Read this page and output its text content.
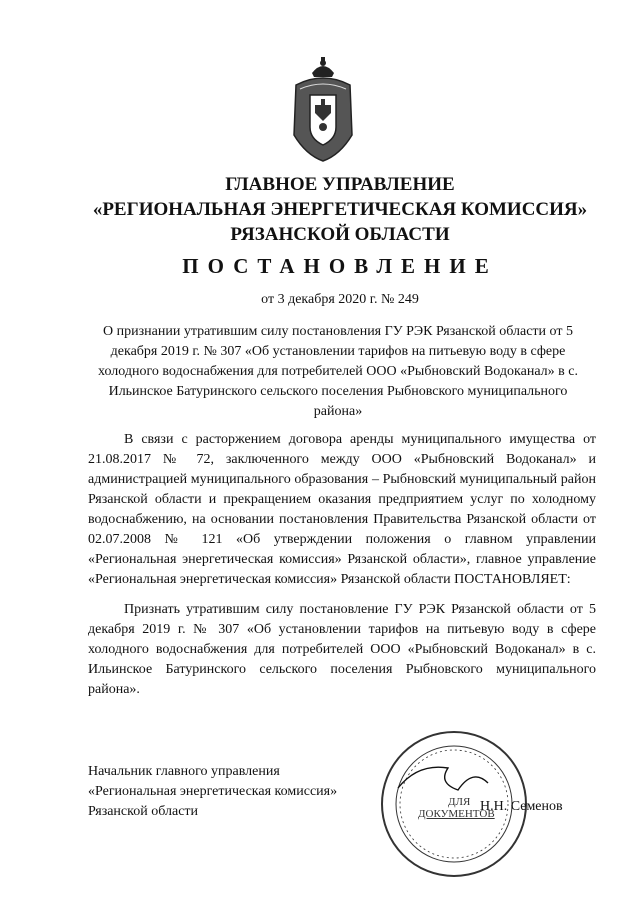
ГЛАВНОЕ УПРАВЛЕНИЕ
«РЕГИОНАЛЬНАЯ ЭНЕРГЕТИЧЕСКАЯ КОМИССИЯ»
РЯЗАНСКОЙ ОБЛАСТИ
ПОСТАНОВЛЕНИЕ
от 3 декабря 2020 г. № 249
О признании утратившим силу постановления ГУ РЭК Рязанской области от 5 декабря 2019 г. № 307 «Об установлении тарифов на питьевую воду в сфере холодного водоснабжения для потребителей ООО «Рыбновский Водоканал» в с. Ильинское Батуринского сельского поселения Рыбновского муниципального района»
В связи с расторжением договора аренды муниципального имущества от 21.08.2017 № 72, заключенного между ООО «Рыбновский Водоканал» и администрацией муниципального образования – Рыбновский муниципальный район Рязанской области и прекращением оказания предприятием услуг по холодному водоснабжению, на основании постановления Правительства Рязанской области от 02.07.2008 № 121 «Об утверждении положения о главном управлении «Региональная энергетическая комиссия» Рязанской области», главное управление «Региональная энергетическая комиссия» Рязанской области ПОСТАНОВЛЯЕТ:
Признать утратившим силу постановление ГУ РЭК Рязанской области от 5 декабря 2019 г. № 307 «Об установлении тарифов на питьевую воду в сфере холодного водоснабжения для потребителей ООО «Рыбновский Водоканал» в с. Ильинское Батуринского сельского поселения Рыбновского муниципального района».
Начальник главного управления
«Региональная энергетическая комиссия»
Рязанской области
ДЛЯ
ДОКУМЕНТОВ
Н.Н. Семенов
